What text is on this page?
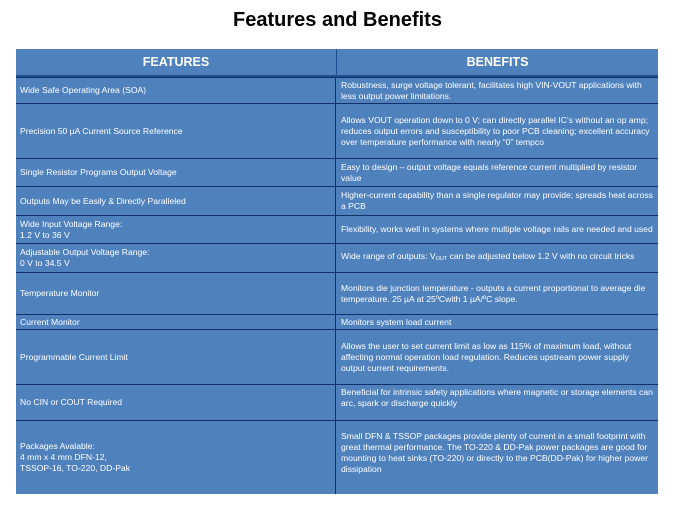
Features and Benefits
FEATURES	BENEFITS
Wide Safe Operating Area (SOA)
Robustness, surge voltage tolerant, facilitates high VIN-VOUT applications with less output power limitations.
Precision 50 µA Current Source Reference
Allows VOUT operation down to 0 V; can directly parallel IC’s without an op amp; reduces output errors and susceptibility to poor PCB cleaning; excellent accuracy over temperature performance with nearly “0” tempco
Single Resistor Programs Output Voltage
Easy to design – output voltage equals reference current multiplied by resistor value
Outputs May be Easily & Directly Paralleled
Higher-current capability than a single regulator may provide; spreads heat across a PCB
Wide Input Voltage Range:
1.2 V to 36 V
Flexibility, works well in systems where multiple voltage rails are needed and used
Adjustable Output Voltage Range:
0 V to 34.5 V
Wide range of outputs: VOUT can be adjusted below 1.2 V with no circuit tricks
Temperature Monitor
Monitors die junction temperature - outputs a current proportional to average die temperature. 25 µA at 25ºCwith 1 µA/ºC slope.
Current Monitor	Monitors system load current
Programmable Current Limit
Allows the user to set current limit as low as 115% of maximum load, without affecting normal operation load regulation. Reduces upstream power supply output current requirements.
No CIN or COUT Required
Beneficial for intrinsic safety applications where magnetic or storage elements can arc, spark or discharge quickly
Packages Avalable:
4 mm x 4 mm DFN-12,
TSSOP-16, TO-220, DD-Pak
Small DFN & TSSOP packages provide plenty of current in a small footprint with great thermal performance. The TO-220 & DD-Pak power packages are good for mounting to heat sinks (TO-220) or directly to the PCB(DD-Pak) for higher power dissipation
